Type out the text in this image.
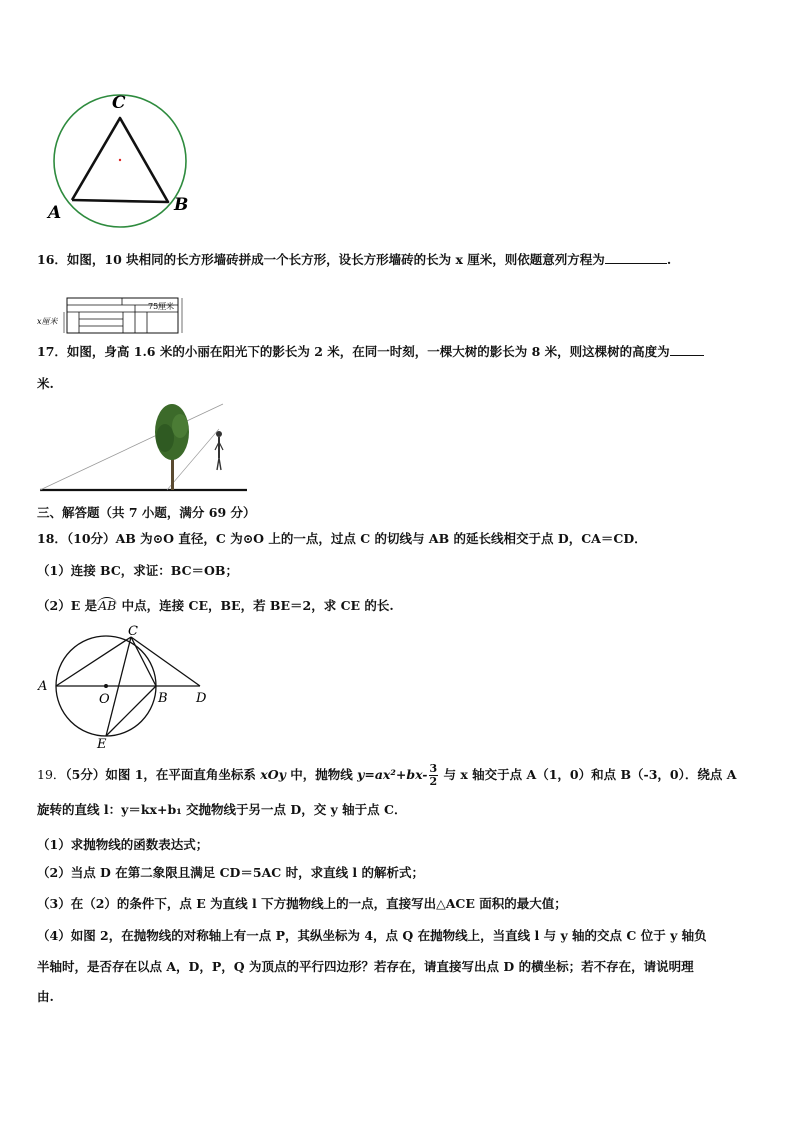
C
A	B
16．如图，10 块相同的长方形墙砖拼成一个长方形，设长方形墙砖的长为 x 厘米，则依题意列方程为	.
x厘米
75厘米
17．如图，身高 1.6 米的小丽在阳光下的影长为 2 米，在同一时刻，一棵大树的影长为 8 米，则这棵树的高度为
米.
三、解答题（共 7 小题，满分 69 分）
18．（10分）AB 为⊙O 直径，C 为⊙O 上的一点，过点 C 的切线与 AB 的延长线相交于点 D，CA＝CD．
（1）连接 BC，求证：BC＝OB；
（2）E 是AB 中点，连接 CE，BE，若 BE＝2，求 CE 的长.
A
O	B D
C
E
19．（5分）如图 1，在平面直角坐标系 xOy 中，抛物线 $y=ax^2+bx- \frac{3}{2}$ 与 x 轴交于点 A（1，0）和点 B（-3，0）．绕点 A
旋转的直线 l：y＝kx+b₁ 交抛物线于另一点 D，交 y 轴于点 C．
（1）求抛物线的函数表达式；
（2）当点 D 在第二象限且满足 CD＝5AC 时，求直线 l 的解析式；
（3）在（2）的条件下，点 E 为直线 l 下方抛物线上的一点，直接写出△ACE 面积的最大值；
（4）如图 2，在抛物线的对称轴上有一点 P，其纵坐标为 4，点 Q 在抛物线上，当直线 l 与 y 轴的交点 C 位于 y 轴负
半轴时，是否存在以点 A，D，P，Q 为顶点的平行四边形？若存在，请直接写出点 D 的横坐标；若不存在，请说明理
由.
